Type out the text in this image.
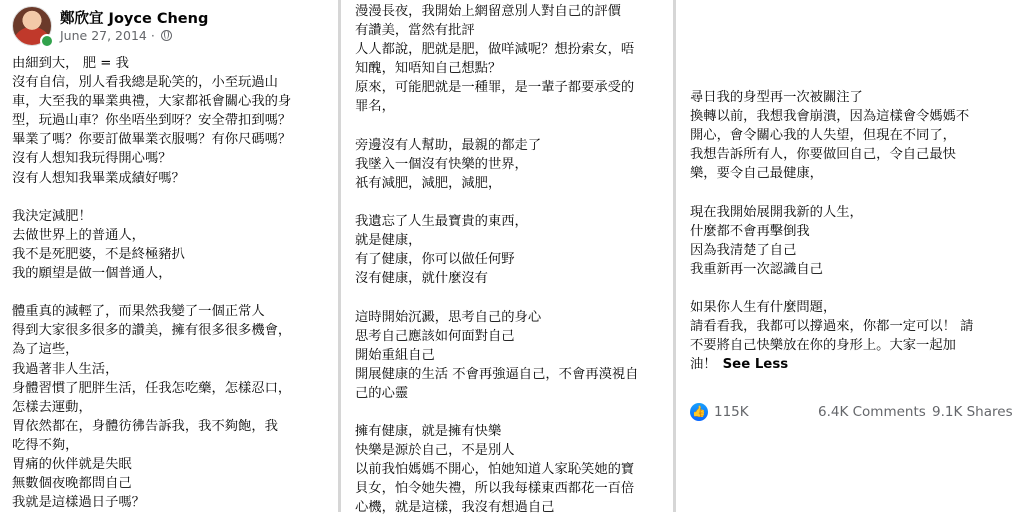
鄭欣宜 Joyce Cheng
June 27, 2014 ·
由細到大， 肥 = 我
沒有自信，別人看我總是恥笑的，小至玩過山
車，大至我的畢業典禮，大家都祇會關心我的身
型，玩過山車？你坐唔坐到呀？安全帶扣到嗎？
畢業了嗎？你要訂做畢業衣服嗎？有你尺碼嗎？
沒有人想知我玩得開心嗎？
沒有人想知我畢業成績好嗎？
我決定減肥！
去做世界上的普通人，
我不是死肥婆，不是終極豬扒
我的願望是做一個普通人，
體重真的減輕了，而果然我變了一個正常人
得到大家很多很多的讚美，擁有很多很多機會，
為了這些，
我過著非人生活，
身體習慣了肥胖生活，任我怎吃藥，怎樣忍口，
怎樣去運動，
胃依然都在，身體彷彿告訴我，我不夠飽，我
吃得不夠，
胃痛的伙伴就是失眠
無數個夜晚都問自己
我就是這樣過日子嗎？
漫漫長夜，我開始上網留意別人對自己的評價
有讚美，當然有批評
人人都說，肥就是肥，做咩減呢？想扮索女，唔
知醜，知唔知自己想點？
原來，可能肥就是一種罪，是一輩子都要承受的
罪名，
旁邊沒有人幫助，最親的都走了
我墜入一個沒有快樂的世界，
祇有減肥，減肥，減肥，
我遺忘了人生最寶貴的東西，
就是健康，
有了健康，你可以做任何野
沒有健康，就什麼沒有
這時開始沉澱，思考自己的身心
思考自己應該如何面對自己
開始重組自己
開展健康的生活 不會再強逼自己，不會再漠視自
己的心靈
擁有健康，就是擁有快樂
快樂是源於自己，不是別人
以前我怕媽媽不開心，怕她知道人家恥笑她的寶
貝女，怕令她失禮，所以我每樣東西都花一百倍
心機，就是這樣，我沒有想過自己
尋日我的身型再一次被關注了
換轉以前，我想我會崩潰，因為這樣會令媽媽不
開心，會令關心我的人失望，但現在不同了，
我想告訴所有人，你要做回自己，令自己最快
樂，要令自己最健康，
現在我開始展開我新的人生，
什麼都不會再擊倒我
因為我清楚了自己
我重新再一次認識自己
如果你人生有什麼問題，
請看看我，我都可以撐過來，你都一定可以！ 請
不要將自己快樂放在你的身形上。大家一起加
油！ See Less
👍 115K	6.4K Comments 9.1K Shares
